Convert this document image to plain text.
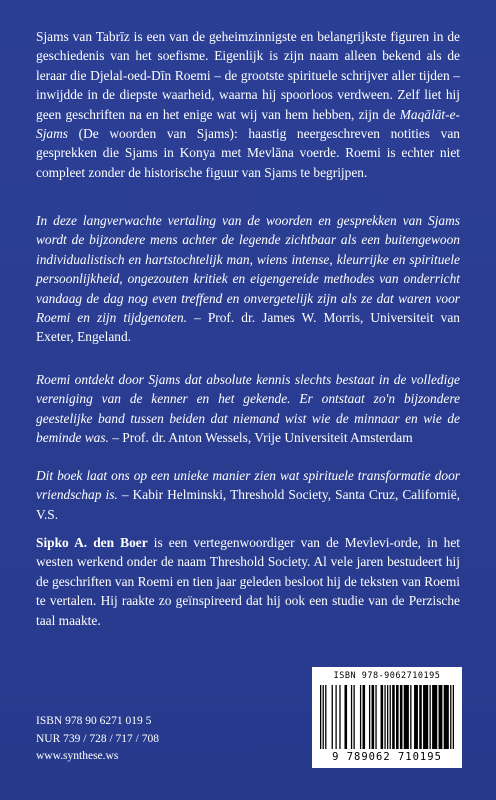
Sjams van Tabrīz is een van de geheimzinnigste en belangrijkste figuren in de geschiedenis van het soefisme. Eigenlijk is zijn naam alleen bekend als de leraar die Djelal-oed-Dīn Roemi – de grootste spirituele schrijver aller tijden – inwijdde in de diepste waarheid, waarna hij spoorloos verdween. Zelf liet hij geen geschriften na en het enige wat wij van hem hebben, zijn de Maqālāt-e-Sjams (De woorden van Sjams): haastig neergeschreven notities van gesprekken die Sjams in Konya met Mevlāna voerde. Roemi is echter niet compleet zonder de historische figuur van Sjams te begrijpen.

In deze langverwachte vertaling van de woorden en gesprekken van Sjams wordt de bijzondere mens achter de legende zichtbaar als een buitengewoon individualistisch en hartstochtelijk man, wiens intense, kleurrijke en spirituele persoonlijkheid, ongezouten kritiek en eigengereide methodes van onderricht vandaag de dag nog even treffend en onvergetelijk zijn als ze dat waren voor Roemi en zijn tijdgenoten. – Prof. dr. James W. Morris, Universiteit van Exeter, Engeland.

Roemi ontdekt door Sjams dat absolute kennis slechts bestaat in de volledige vereniging van de kenner en het gekende. Er ontstaat zo'n bijzondere geestelijke band tussen beiden dat niemand wist wie de minnaar en wie de beminde was. – Prof. dr. Anton Wessels, Vrije Universiteit Amsterdam

Dit boek laat ons op een unieke manier zien wat spirituele transformatie door vriendschap is. – Kabir Helminski, Threshold Society, Santa Cruz, Californië, V.S.

Sipko A. den Boer is een vertegenwoordiger van de Mevlevi-orde, in het westen werkend onder de naam Threshold Society. Al vele jaren bestudeert hij de geschriften van Roemi en tien jaar geleden besloot hij de teksten van Roemi te vertalen. Hij raakte zo geïnspireerd dat hij ook een studie van de Perzische taal maakte.

ISBN 978-9062710195
9 789062 710195
ISBN 978 90 6271 019 5
NUR 739 / 728 / 717 / 708
www.synthese.ws
